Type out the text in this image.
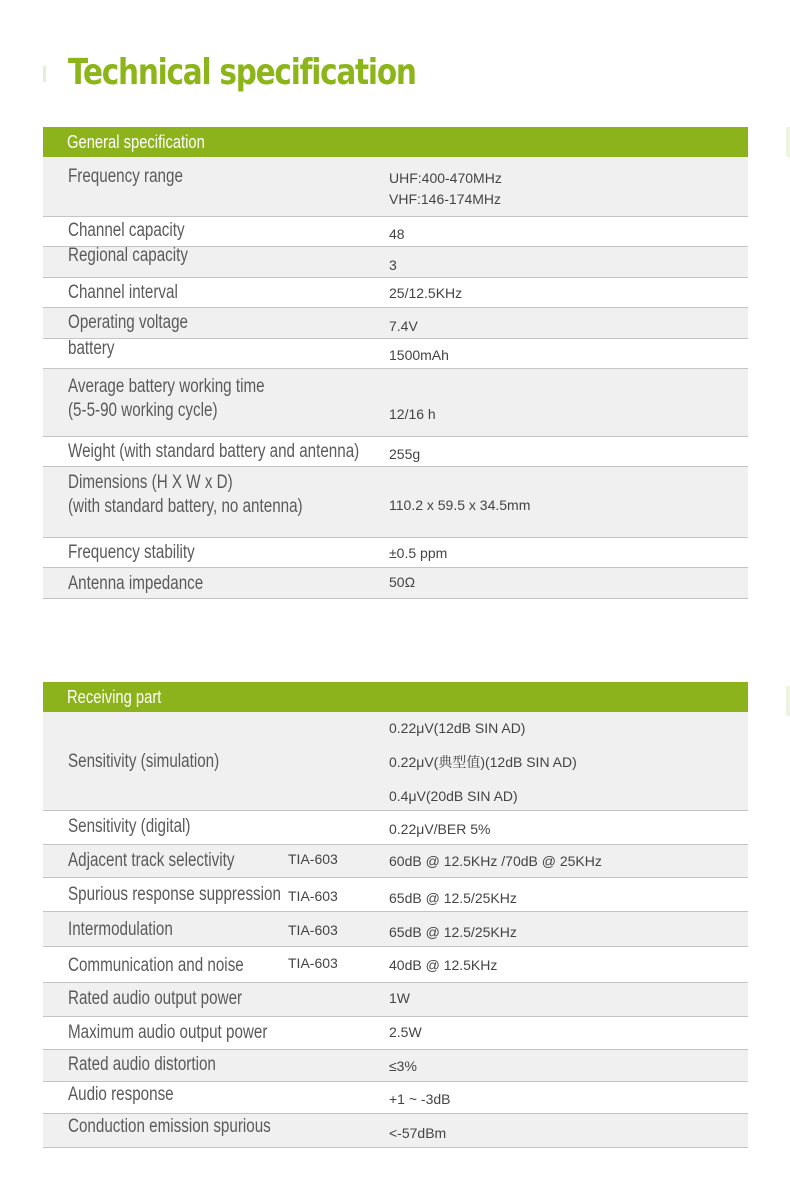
Technical specification
General specification
Frequency range	UHF:400-470MHz
VHF:146-174MHz
Channel capacity	48
Regional capacity	3
Channel interval	25/12.5KHz
Operating voltage	7.4V
battery	1500mAh
Average battery working time
(5-5-90 working cycle)	12/16 h
Weight (with standard battery and antenna) 255g
Dimensions (H X W x D)
(with standard battery, no antenna)	110.2 x 59.5 x 34.5mm
Frequency stability	±0.5 ppm
Antenna impedance	50Ω
Receiving part
Sensitivity (simulation)
0.22μV(12dB SIN AD)
0.22μV(典型值)(12dB SIN AD)
0.4μV(20dB SIN AD)
Sensitivity (digital)	0.22μV/BER 5%
Adjacent track selectivity	TIA-603	60dB @ 12.5KHz /70dB @ 25KHz
Spurious response suppression TIA-603	65dB @ 12.5/25KHz
Intermodulation	TIA-603	65dB @ 12.5/25KHz
Communication and noise	TIA-603	40dB @ 12.5KHz
Rated audio output power	1W
Maximum audio output power	2.5W
Rated audio distortion	≤3%
Audio response	+1 ~ -3dB
Conduction emission spurious	<-57dBm
